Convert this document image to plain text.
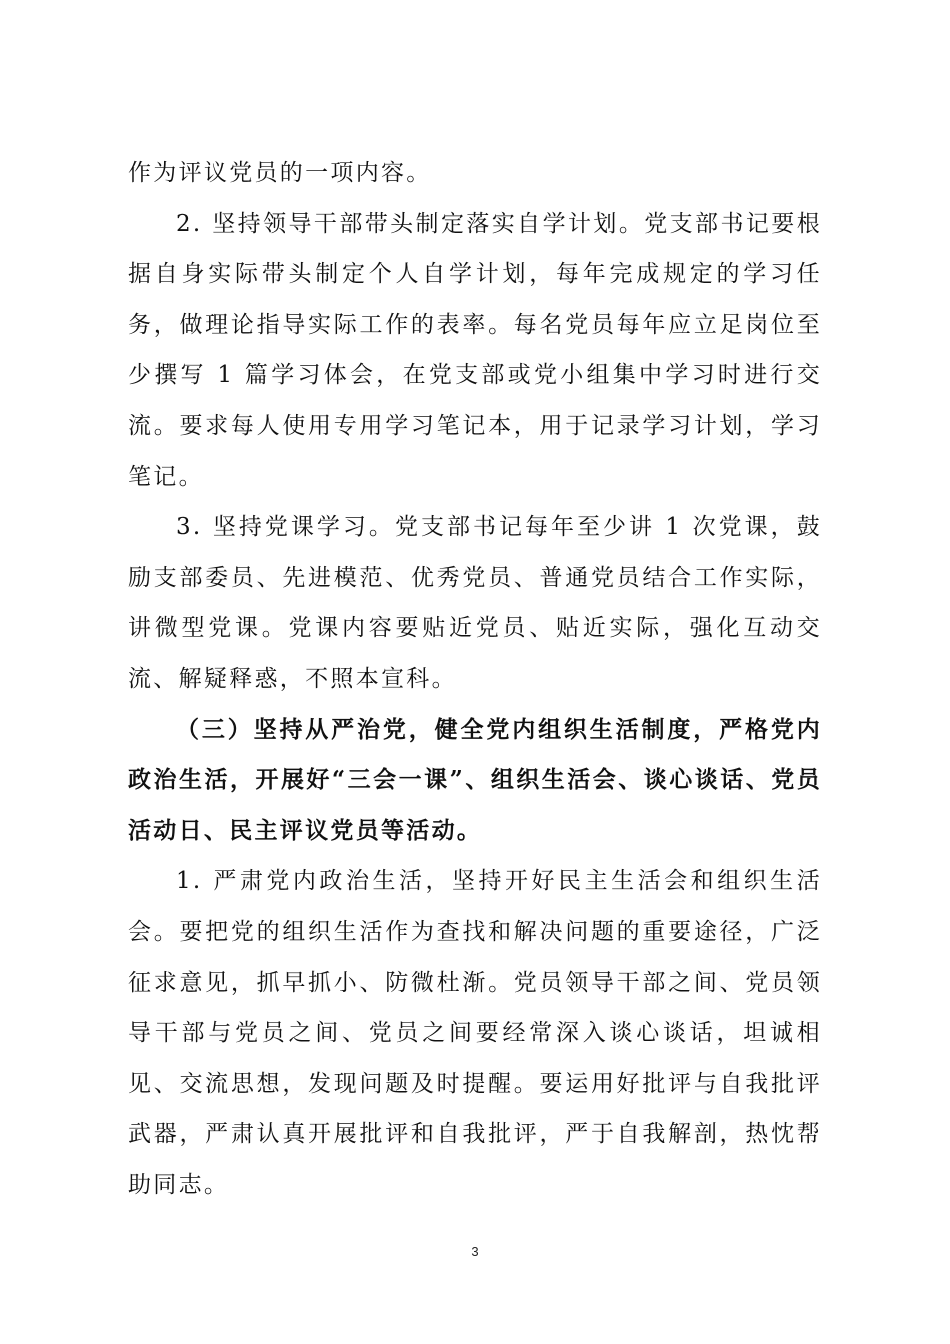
作为评议党员的一项内容。

2. 坚持领导干部带头制定落实自学计划。党支部书记要根据自身实际带头制定个人自学计划，每年完成规定的学习任务，做理论指导实际工作的表率。每名党员每年应立足岗位至少撰写 1 篇学习体会，在党支部或党小组集中学习时进行交流。要求每人使用专用学习笔记本，用于记录学习计划，学习笔记。

3. 坚持党课学习。党支部书记每年至少讲 1 次党课，鼓励支部委员、先进模范、优秀党员、普通党员结合工作实际，讲微型党课。党课内容要贴近党员、贴近实际，强化互动交流、解疑释惑，不照本宣科。

（三）坚持从严治党，健全党内组织生活制度，严格党内政治生活，开展好“三会一课”、组织生活会、谈心谈话、党员活动日、民主评议党员等活动。

1. 严肃党内政治生活，坚持开好民主生活会和组织生活会。要把党的组织生活作为查找和解决问题的重要途径，广泛征求意见，抓早抓小、防微杜渐。党员领导干部之间、党员领导干部与党员之间、党员之间要经常深入谈心谈话，坦诚相见、交流思想，发现问题及时提醒。要运用好批评与自我批评武器，严肃认真开展批评和自我批评，严于自我解剖，热忱帮助同志。

3
